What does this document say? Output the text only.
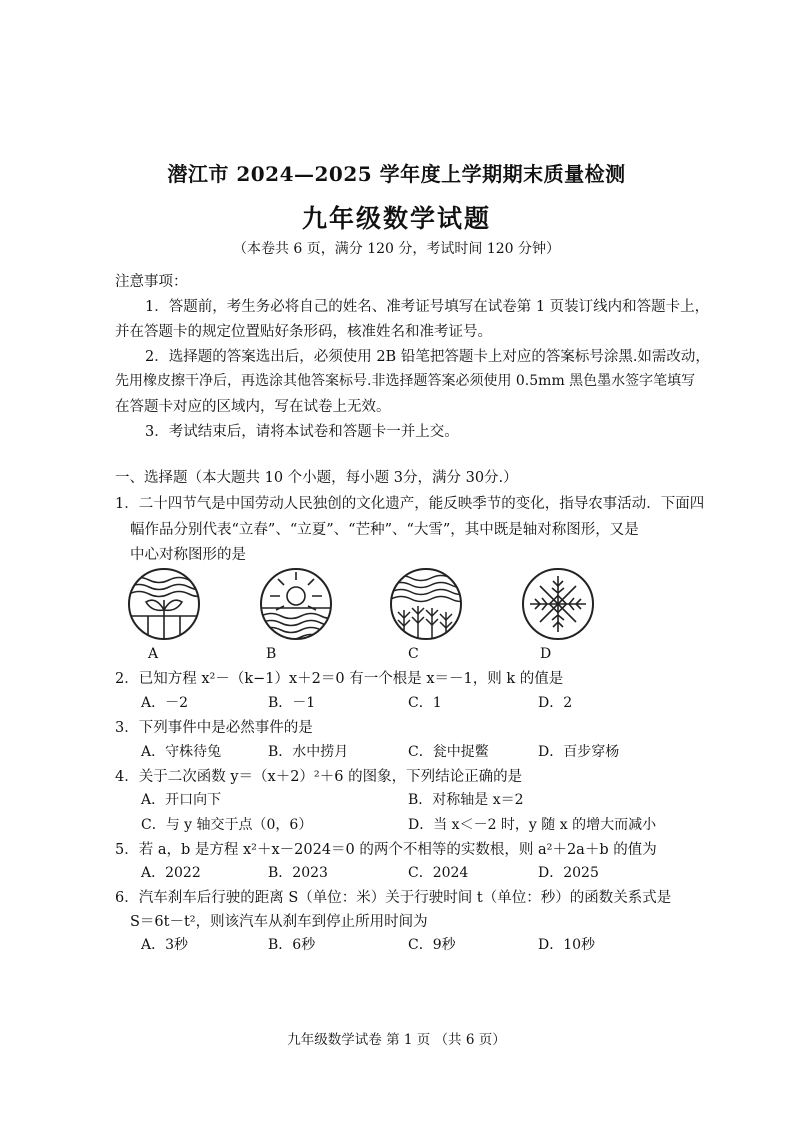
潜江市 2024—2025 学年度上学期期末质量检测
九年级数学试题
（本卷共 6 页，满分 120 分，考试时间 120 分钟）
注意事项：
1．答题前，考生务必将自己的姓名、准考证号填写在试卷第 1 页装订线内和答题卡上，
并在答题卡的规定位置贴好条形码，核准姓名和准考证号。
2．选择题的答案选出后，必须使用 2B 铅笔把答题卡上对应的答案标号涂黑.如需改动，
先用橡皮擦干净后，再选涂其他答案标号.非选择题答案必须使用 0.5mm 黑色墨水签字笔填写
在答题卡对应的区域内，写在试卷上无效。
3．考试结束后，请将本试卷和答题卡一并上交。
一、选择题（本大题共 10 个小题，每小题 3分，满分 30分.）
1．二十四节气是中国劳动人民独创的文化遗产，能反映季节的变化，指导农事活动．下面四
幅作品分别代表“立春”、“立夏”、“芒种”、“大雪”，其中既是轴对称图形，又是
中心对称图形的是
A	B	C	D
2．已知方程 x²－（k−1）x＋2＝0 有一个根是 x＝－1，则 k 的值是
A．－2	B．－1	C．1	D．2
3．下列事件中是必然事件的是
A．守株待兔	B．水中捞月	C．瓮中捉鳖	D．百步穿杨
4．关于二次函数 y＝（x＋2）²＋6 的图象，下列结论正确的是
A．开口向下	B．对称轴是 x＝2
C．与 y 轴交于点（0，6）	D．当 x＜－2 时，y 随 x 的增大而减小
5．若 a，b 是方程 x²＋x－2024＝0 的两个不相等的实数根，则 a²＋2a＋b 的值为
A．2022	B．2023	C．2024	D．2025
6．汽车刹车后行驶的距离 S（单位：米）关于行驶时间 t（单位：秒）的函数关系式是
S＝6t－t²，则该汽车从刹车到停止所用时间为
A．3秒	B．6秒	C．9秒	D．10秒
九年级数学试卷 第 1 页 （共 6 页）
